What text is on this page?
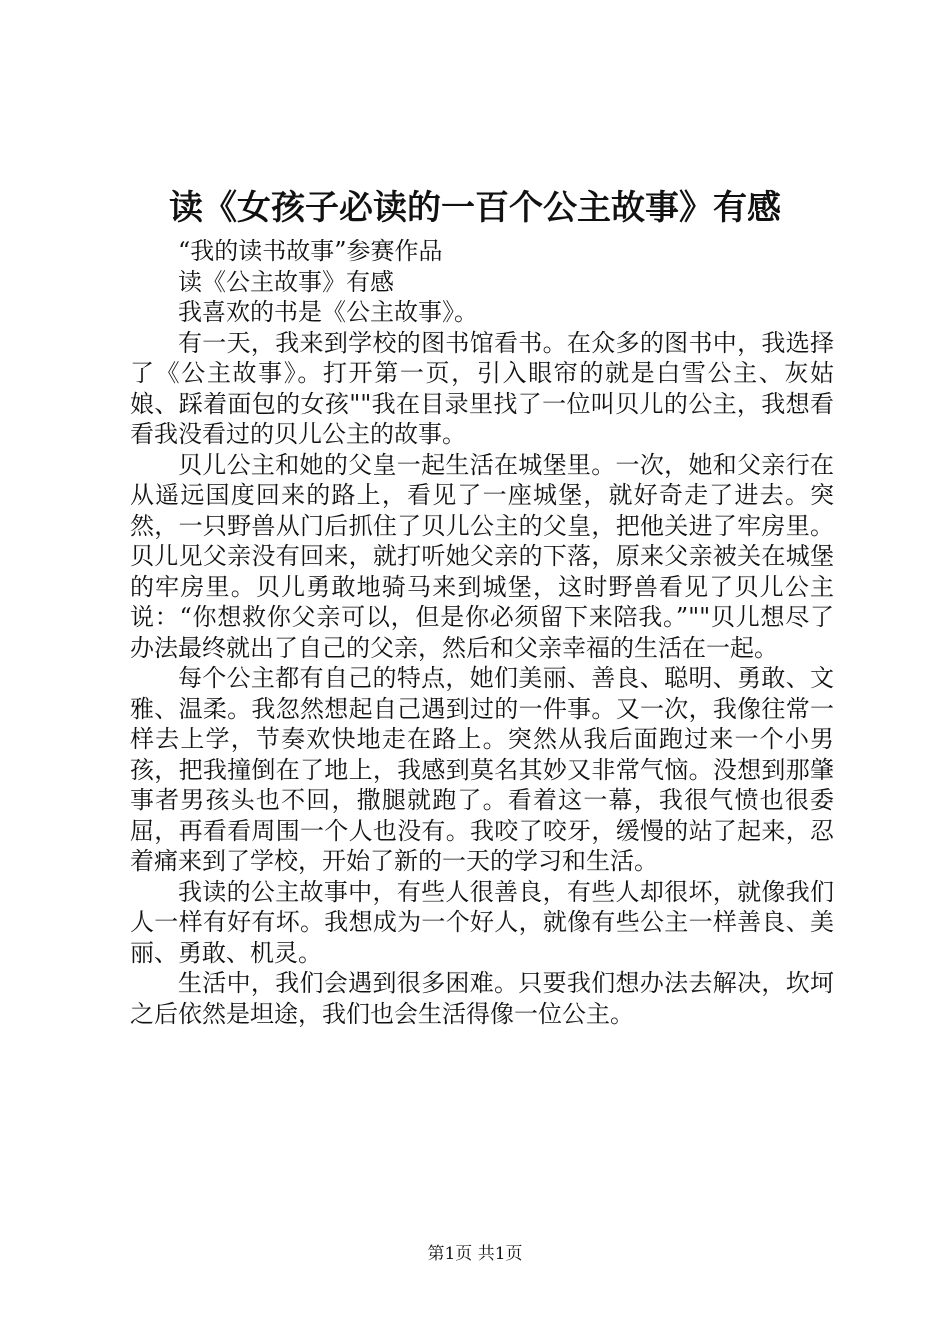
读《女孩子必读的一百个公主故事》有感

“我的读书故事”参赛作品

读《公主故事》有感

我喜欢的书是《公主故事》。

有一天，我来到学校的图书馆看书。在众多的图书中，我选择了《公主故事》。打开第一页，引入眼帘的就是白雪公主、灰姑娘、踩着面包的女孩""我在目录里找了一位叫贝儿的公主，我想看看我没看过的贝儿公主的故事。

贝儿公主和她的父皇一起生活在城堡里。一次，她和父亲行在从遥远国度回来的路上，看见了一座城堡，就好奇走了进去。突然，一只野兽从门后抓住了贝儿公主的父皇，把他关进了牢房里。贝儿见父亲没有回来，就打听她父亲的下落，原来父亲被关在城堡的牢房里。贝儿勇敢地骑马来到城堡，这时野兽看见了贝儿公主说：“你想救你父亲可以，但是你必须留下来陪我。”""贝儿想尽了办法最终就出了自己的父亲，然后和父亲幸福的生活在一起。

每个公主都有自己的特点，她们美丽、善良、聪明、勇敢、文雅、温柔。我忽然想起自己遇到过的一件事。又一次，我像往常一样去上学，节奏欢快地走在路上。突然从我后面跑过来一个小男孩，把我撞倒在了地上，我感到莫名其妙又非常气恼。没想到那肇事者男孩头也不回，撒腿就跑了。看着这一幕，我很气愤也很委屈，再看看周围一个人也没有。我咬了咬牙，缓慢的站了起来，忍着痛来到了学校，开始了新的一天的学习和生活。

我读的公主故事中，有些人很善良，有些人却很坏，就像我们人一样有好有坏。我想成为一个好人，就像有些公主一样善良、美丽、勇敢、机灵。

生活中，我们会遇到很多困难。只要我们想办法去解决，坎坷之后依然是坦途，我们也会生活得像一位公主。

第1页 共1页
